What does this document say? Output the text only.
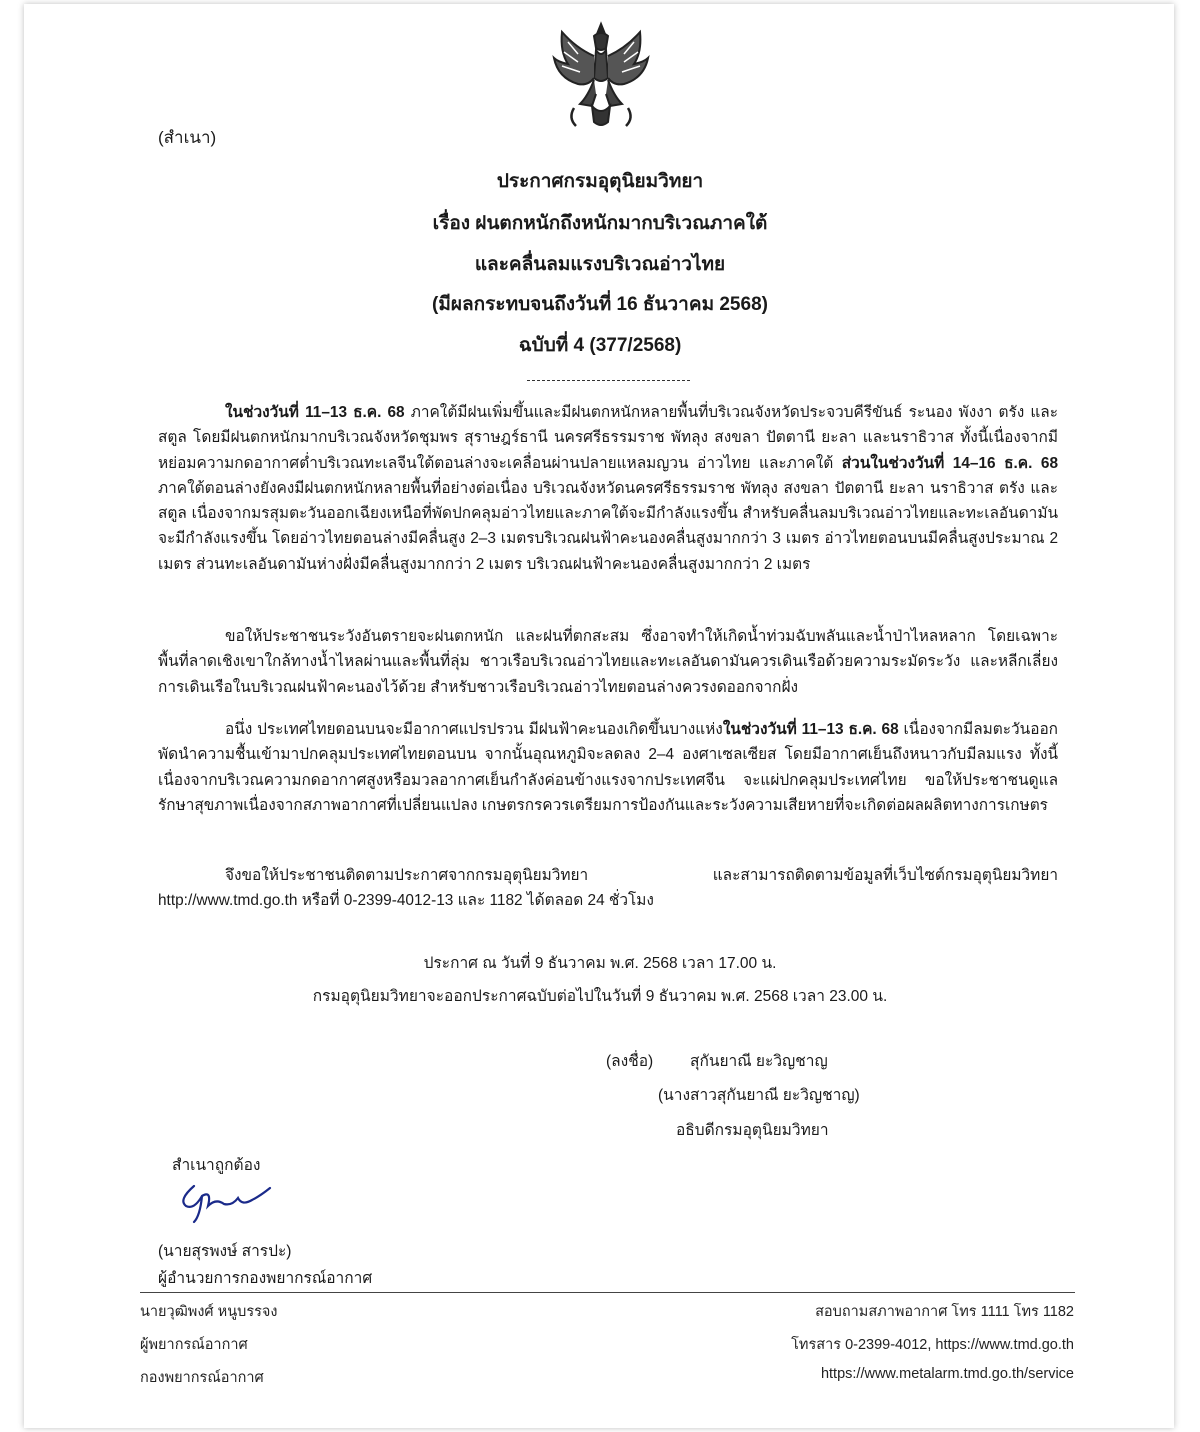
(สำเนา)
ประกาศกรมอุตุนิยมวิทยา
เรื่อง ฝนตกหนักถึงหนักมากบริเวณภาคใต้
และคลื่นลมแรงบริเวณอ่าวไทย
(มีผลกระทบจนถึงวันที่ 16 ธันวาคม 2568)
ฉบับที่ 4 (377/2568)
ในช่วงวันที่ 11–13 ธ.ค. 68 ภาคใต้มีฝนเพิ่มขึ้นและมีฝนตกหนักหลายพื้นที่บริเวณจังหวัดประจวบคีรีขันธ์ ระนอง พังงา ตรัง และสตูล โดยมีฝนตกหนักมากบริเวณจังหวัดชุมพร สุราษฎร์ธานี นครศรีธรรมราช พัทลุง สงขลา ปัตตานี ยะลา และนราธิวาส ทั้งนี้เนื่องจากมีหย่อมความกดอากาศต่ำบริเวณทะเลจีนใต้ตอนล่างจะเคลื่อนผ่านปลายแหลมญวน อ่าวไทย และภาคใต้ ส่วนในช่วงวันที่ 14–16 ธ.ค. 68 ภาคใต้ตอนล่างยังคงมีฝนตกหนักหลายพื้นที่อย่างต่อเนื่อง บริเวณจังหวัดนครศรีธรรมราช พัทลุง สงขลา ปัตตานี ยะลา นราธิวาส ตรัง และสตูล เนื่องจากมรสุมตะวันออกเฉียงเหนือที่พัดปกคลุมอ่าวไทยและภาคใต้จะมีกำลังแรงขึ้น สำหรับคลื่นลมบริเวณอ่าวไทยและทะเลอันดามันจะมีกำลังแรงขึ้น โดยอ่าวไทยตอนล่างมีคลื่นสูง 2–3 เมตรบริเวณฝนฟ้าคะนองคลื่นสูงมากกว่า 3 เมตร อ่าวไทยตอนบนมีคลื่นสูงประมาณ 2 เมตร ส่วนทะเลอันดามันห่างฝั่งมีคลื่นสูงมากกว่า 2 เมตร บริเวณฝนฟ้าคะนองคลื่นสูงมากกว่า 2 เมตร
ขอให้ประชาชนระวังอันตรายจะฝนตกหนัก และฝนที่ตกสะสม ซึ่งอาจทำให้เกิดน้ำท่วมฉับพลันและน้ำป่าไหลหลาก โดยเฉพาะพื้นที่ลาดเชิงเขาใกล้ทางน้ำไหลผ่านและพื้นที่ลุ่ม ชาวเรือบริเวณอ่าวไทยและทะเลอันดามันควรเดินเรือด้วยความระมัดระวัง และหลีกเลี่ยงการเดินเรือในบริเวณฝนฟ้าคะนองไว้ด้วย สำหรับชาวเรือบริเวณอ่าวไทยตอนล่างควรงดออกจากฝั่ง
อนึ่ง ประเทศไทยตอนบนจะมีอากาศแปรปรวน มีฝนฟ้าคะนองเกิดขึ้นบางแห่งในช่วงวันที่ 11–13 ธ.ค. 68 เนื่องจากมีลมตะวันออกพัดนำความชื้นเข้ามาปกคลุมประเทศไทยตอนบน จากนั้นอุณหภูมิจะลดลง 2–4 องศาเซลเซียส โดยมีอากาศเย็นถึงหนาวกับมีลมแรง ทั้งนี้เนื่องจากบริเวณความกดอากาศสูงหรือมวลอากาศเย็นกำลังค่อนข้างแรงจากประเทศจีน จะแผ่ปกคลุมประเทศไทย ขอให้ประชาชนดูแลรักษาสุขภาพเนื่องจากสภาพอากาศที่เปลี่ยนแปลง เกษตรกรควรเตรียมการป้องกันและระวังความเสียหายที่จะเกิดต่อผลผลิตทางการเกษตร
จึงขอให้ประชาชนติดตามประกาศจากกรมอุตุนิยมวิทยา และสามารถติดตามข้อมูลที่เว็บไซต์กรมอุตุนิยมวิทยา http://www.tmd.go.th หรือที่ 0-2399-4012-13 และ 1182 ได้ตลอด 24 ชั่วโมง
ประกาศ ณ วันที่ 9 ธันวาคม พ.ศ. 2568 เวลา 17.00 น.
กรมอุตุนิยมวิทยาจะออกประกาศฉบับต่อไปในวันที่ 9 ธันวาคม พ.ศ. 2568 เวลา 23.00 น.
(ลงชื่อ) สุกันยาณี ยะวิญชาญ
(นางสาวสุกันยาณี ยะวิญชาญ)
อธิบดีกรมอุตุนิยมวิทยา
สำเนาถูกต้อง
(นายสุรพงษ์ สารปะ)
ผู้อำนวยการกองพยากรณ์อากาศ
นายวุฒิพงศ์ หนูบรรจง
ผู้พยากรณ์อากาศ
กองพยากรณ์อากาศ
สอบถามสภาพอากาศ โทร 1111 โทร 1182
โทรสาร 0-2399-4012, https://www.tmd.go.th
https://www.metalarm.tmd.go.th/service
